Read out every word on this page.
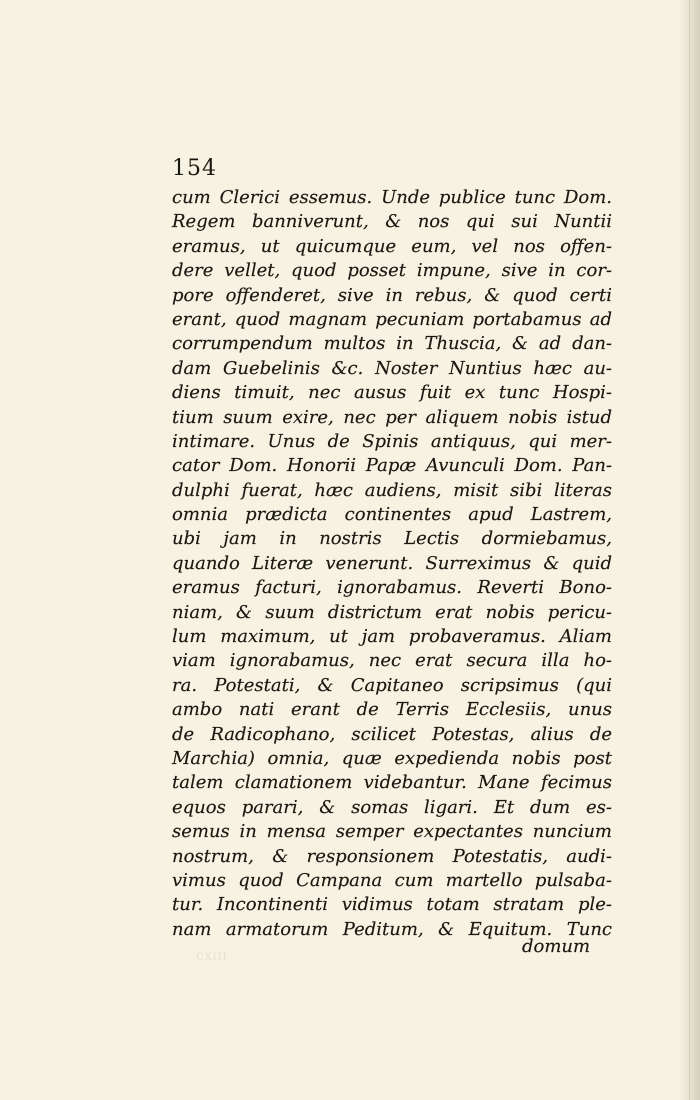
154

cum Clerici essemus. Unde publice tunc Dom.

Regem banniverunt, & nos qui sui Nuntii

eramus, ut quicumque eum, vel nos offen-

dere vellet, quod posset impune, sive in cor-

pore offenderet, sive in rebus, & quod certi

erant, quod magnam pecuniam portabamus ad

corrumpendum multos in Thuscia, & ad dan-

dam Guebelinis &c. Noster Nuntius hæc au-

diens timuit, nec ausus fuit ex tunc Hospi-

tium suum exire, nec per aliquem nobis istud

intimare. Unus de Spinis antiquus, qui mer-

cator Dom. Honorii Papæ Avunculi Dom. Pan-

dulphi fuerat, hæc audiens, misit sibi literas

omnia prædicta continentes apud Lastrem,

ubi jam in nostris Lectis dormiebamus,

quando Literæ venerunt. Surreximus & quid

eramus facturi, ignorabamus. Reverti Bono-

niam, & suum districtum erat nobis pericu-

lum maximum, ut jam probaveramus. Aliam

viam ignorabamus, nec erat secura illa ho-

ra. Potestati, & Capitaneo scripsimus (qui

ambo nati erant de Terris Ecclesiis, unus

de Radicophano, scilicet Potestas, alius de

Marchia) omnia, quæ expedienda nobis post

talem clamationem videbantur. Mane fecimus

equos parari, & somas ligari. Et dum es-

semus in mensa semper expectantes nuncium

nostrum, & responsionem Potestatis, audi-

vimus quod Campana cum martello pulsaba-

tur. Incontinenti vidimus totam stratam ple-

nam armatorum Peditum, & Equitum. Tunc

domum

CXIII
